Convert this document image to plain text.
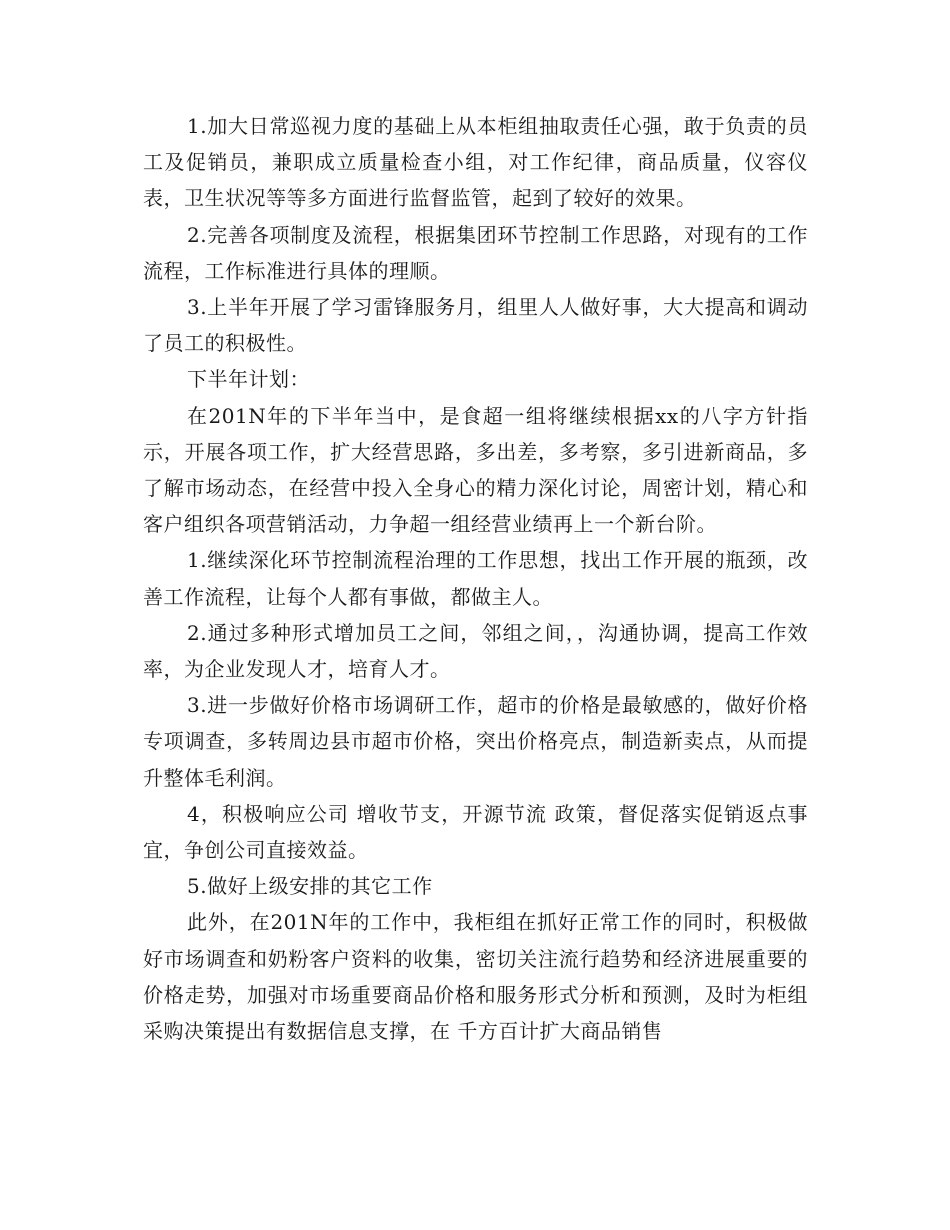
1.加大日常巡视力度的基础上从本柜组抽取责任心强，敢于负责的员工及促销员，兼职成立质量检查小组，对工作纪律，商品质量，仪容仪表，卫生状况等等多方面进行监督监管，起到了较好的效果。

2.完善各项制度及流程，根据集团环节控制工作思路，对现有的工作流程，工作标准进行具体的理顺。

3.上半年开展了学习雷锋服务月，组里人人做好事，大大提高和调动了员工的积极性。

下半年计划：

在201N年的下半年当中，是食超一组将继续根据xx的八字方针指示，开展各项工作，扩大经营思路，多出差，多考察，多引进新商品，多了解市场动态，在经营中投入全身心的精力深化讨论，周密计划，精心和客户组织各项营销活动，力争超一组经营业绩再上一个新台阶。

1.继续深化环节控制流程治理的工作思想，找出工作开展的瓶颈，改善工作流程，让每个人都有事做，都做主人。

2.通过多种形式增加员工之间，邻组之间，，沟通协调，提高工作效率，为企业发现人才，培育人才。

3.进一步做好价格市场调研工作，超市的价格是最敏感的，做好价格专项调查，多转周边县市超市价格，突出价格亮点，制造新卖点，从而提升整体毛利润。

4，积极响应公司 增收节支，开源节流 政策，督促落实促销返点事宜，争创公司直接效益。

5.做好上级安排的其它工作

此外，在201N年的工作中，我柜组在抓好正常工作的同时，积极做好市场调查和奶粉客户资料的收集，密切关注流行趋势和经济进展重要的价格走势，加强对市场重要商品价格和服务形式分析和预测，及时为柜组采购决策提出有数据信息支撑，在 千方百计扩大商品销售
